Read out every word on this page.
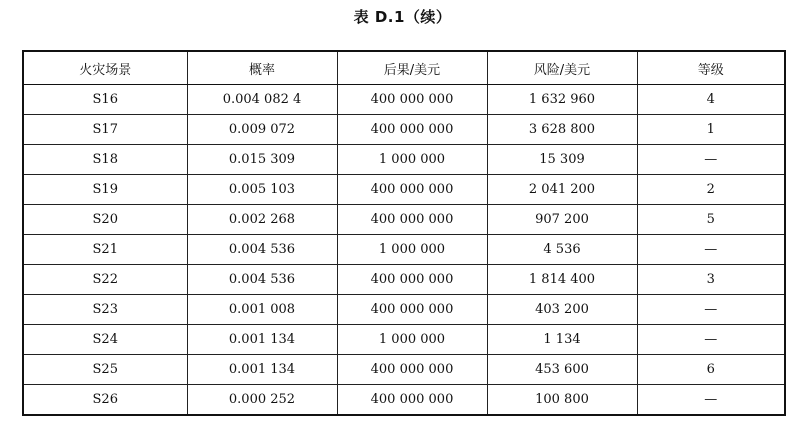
表 D.1（续）
火灾场景	概率	后果/美元	风险/美元	等级
S16	0.004 082 4	400 000 000	1 632 960	4
S17	0.009 072	400 000 000	3 628 800	1
S18	0.015 309	1 000 000	15 309	—
S19	0.005 103	400 000 000	2 041 200	2
S20	0.002 268	400 000 000	907 200	5
S21	0.004 536	1 000 000	4 536	—
S22	0.004 536	400 000 000	1 814 400	3
S23	0.001 008	400 000 000	403 200	—
S24	0.001 134	1 000 000	1 134	—
S25	0.001 134	400 000 000	453 600	6
S26	0.000 252	400 000 000	100 800	—
